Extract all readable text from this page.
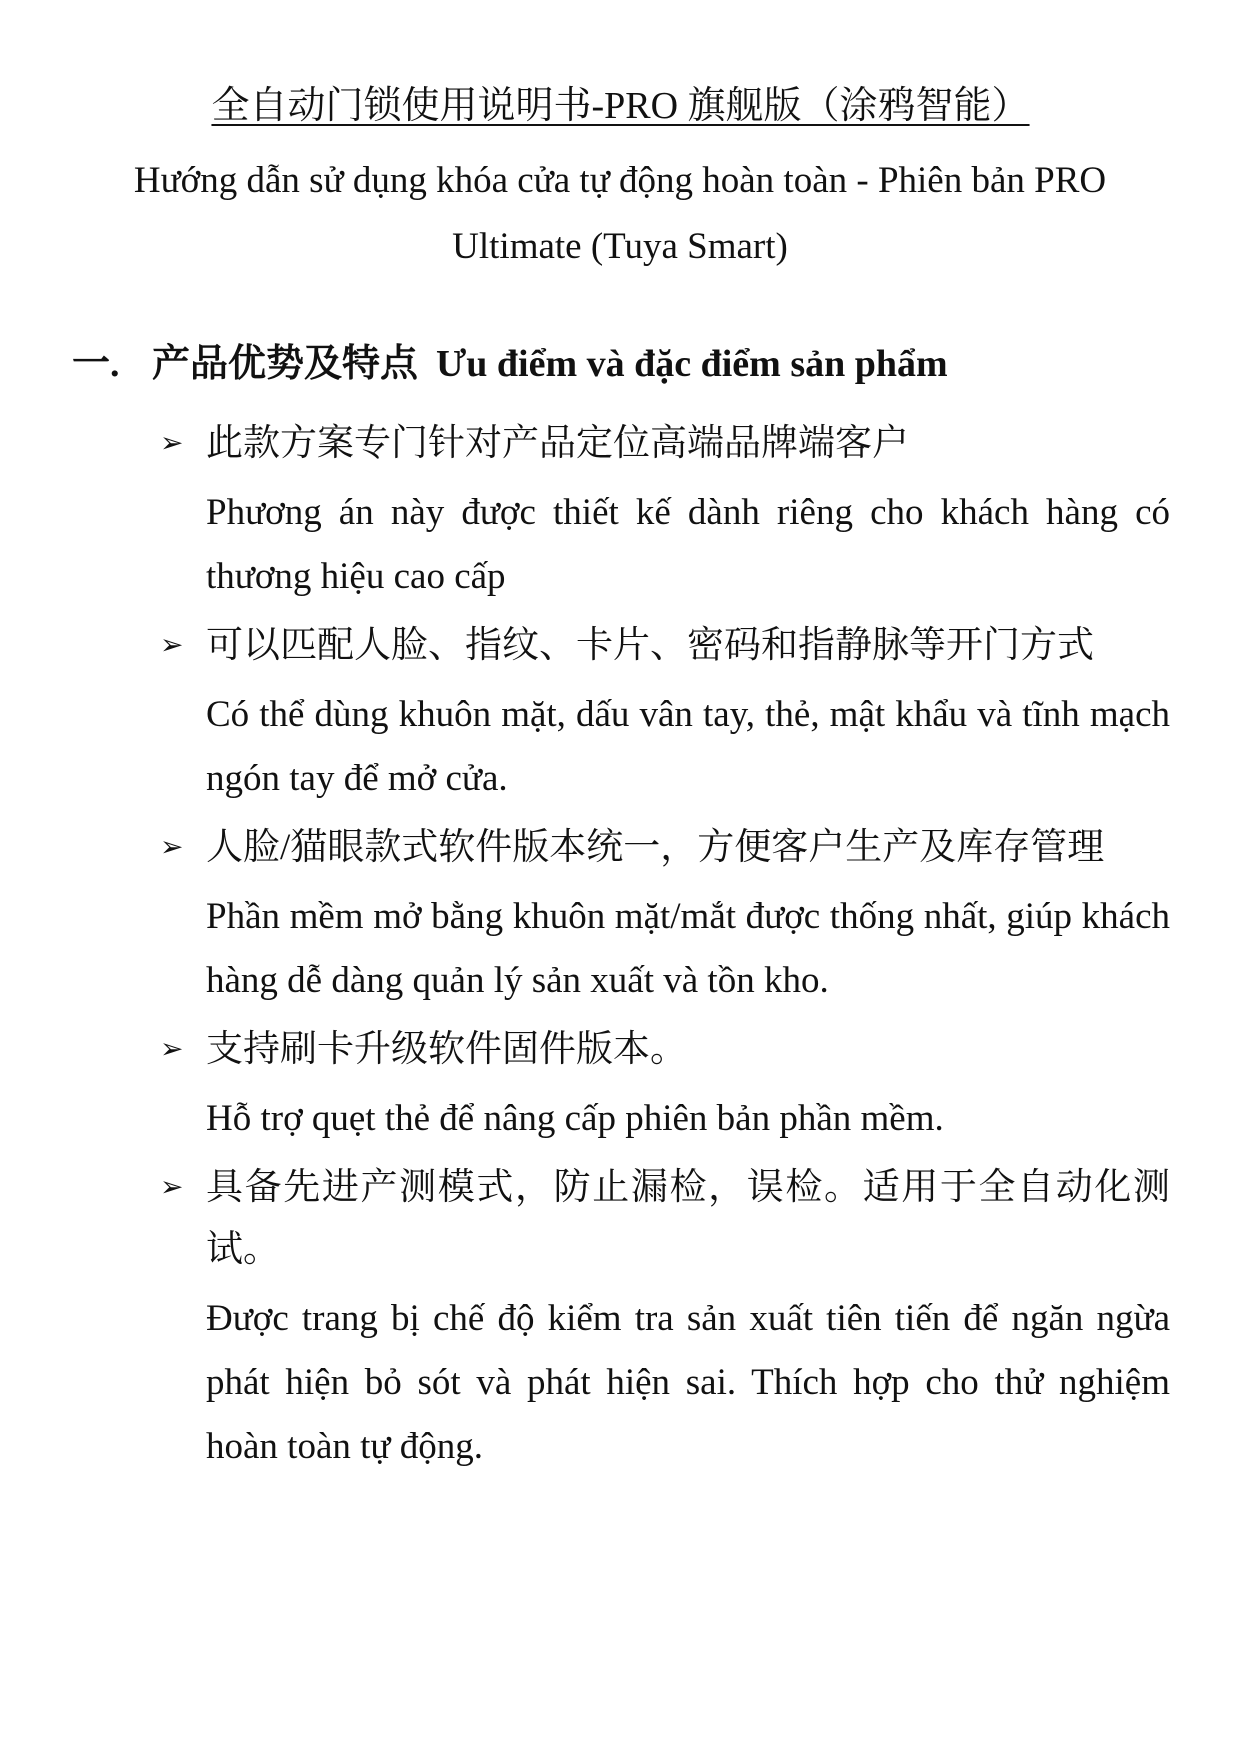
全自动门锁使用说明书-PRO 旗舰版（涂鸦智能）
Hướng dẫn sử dụng khóa cửa tự động hoàn toàn - Phiên bản PRO Ultimate (Tuya Smart)
一. 产品优势及特点 Ưu điểm và đặc điểm sản phẩm
➢ 此款方案专门针对产品定位高端品牌端客户

Phương án này được thiết kế dành riêng cho khách hàng có thương hiệu cao cấp

➢ 可以匹配人脸、指纹、卡片、密码和指静脉等开门方式

Có thể dùng khuôn mặt, dấu vân tay, thẻ, mật khẩu và tĩnh mạch ngón tay để mở cửa.

➢ 人脸/猫眼款式软件版本统一，方便客户生产及库存管理

Phần mềm mở bằng khuôn mặt/mắt được thống nhất, giúp khách hàng dễ dàng quản lý sản xuất và tồn kho.

➢ 支持刷卡升级软件固件版本。

Hỗ trợ quẹt thẻ để nâng cấp phiên bản phần mềm.

➢ 具备先进产测模式，防止漏检，误检。适用于全自动化测试。

Được trang bị chế độ kiểm tra sản xuất tiên tiến để ngăn ngừa phát hiện bỏ sót và phát hiện sai. Thích hợp cho thử nghiệm hoàn toàn tự động.
